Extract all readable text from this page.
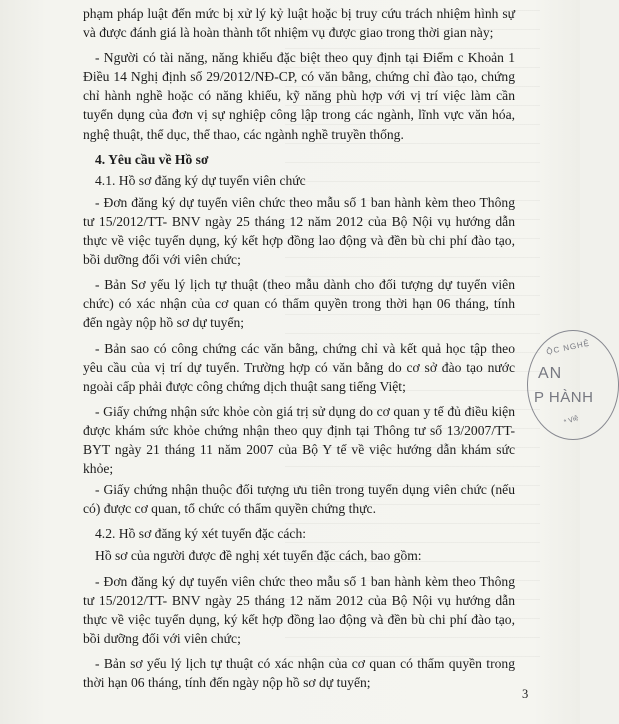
phạm pháp luật đến mức bị xử lý kỷ luật hoặc bị truy cứu trách nhiệm hình sự và được đánh giá là hoàn thành tốt nhiệm vụ được giao trong thời gian này;

- Người có tài năng, năng khiếu đặc biệt theo quy định tại Điểm c Khoản 1 Điều 14 Nghị định số 29/2012/NĐ-CP, có văn bằng, chứng chỉ đào tạo, chứng chỉ hành nghề hoặc có năng khiếu, kỹ năng phù hợp với vị trí việc làm cần tuyển dụng của đơn vị sự nghiệp công lập trong các ngành, lĩnh vực văn hóa, nghệ thuật, thể dục, thể thao, các ngành nghề truyền thống.

4. Yêu cầu về Hồ sơ
4.1. Hồ sơ đăng ký dự tuyển viên chức

- Đơn đăng ký dự tuyển viên chức theo mẫu số 1 ban hành kèm theo Thông tư 15/2012/TT- BNV ngày 25 tháng 12 năm 2012 của Bộ Nội vụ hướng dẫn thực về việc tuyển dụng, ký kết hợp đồng lao động và đền bù chi phí đào tạo, bồi dưỡng đối với viên chức;

- Bản Sơ yếu lý lịch tự thuật (theo mẫu dành cho đối tượng dự tuyển viên chức) có xác nhận của cơ quan có thẩm quyền trong thời hạn 06 tháng, tính đến ngày nộp hồ sơ dự tuyển;

- Bản sao có công chứng các văn bằng, chứng chỉ và kết quả học tập theo yêu cầu của vị trí dự tuyển. Trường hợp có văn bằng do cơ sở đào tạo nước ngoài cấp phải được công chứng dịch thuật sang tiếng Việt;

- Giấy chứng nhận sức khỏe còn giá trị sử dụng do cơ quan y tế đủ điều kiện được khám sức khỏe chứng nhận theo quy định tại Thông tư số 13/2007/TT-BYT ngày 21 tháng 11 năm 2007 của Bộ Y tế về việc hướng dẫn khám sức khỏe;

- Giấy chứng nhận thuộc đối tượng ưu tiên trong tuyển dụng viên chức (nếu có) được cơ quan, tổ chức có thẩm quyền chứng thực.

4.2. Hồ sơ đăng ký xét tuyển đặc cách:

Hồ sơ của người được đề nghị xét tuyển đặc cách, bao gồm:

- Đơn đăng ký dự tuyển viên chức theo mẫu số 1 ban hành kèm theo Thông tư 15/2012/TT- BNV ngày 25 tháng 12 năm 2012 của Bộ Nội vụ hướng dẫn thực về việc tuyển dụng, ký kết hợp đồng lao động và đền bù chi phí đào tạo, bồi dưỡng đối với viên chức;

- Bản sơ yếu lý lịch tự thuật có xác nhận của cơ quan có thẩm quyền trong thời hạn 06 tháng, tính đến ngày nộp hồ sơ dự tuyển;

ỘC NGHỆ
AN
P HÀNH
* Việ
3
